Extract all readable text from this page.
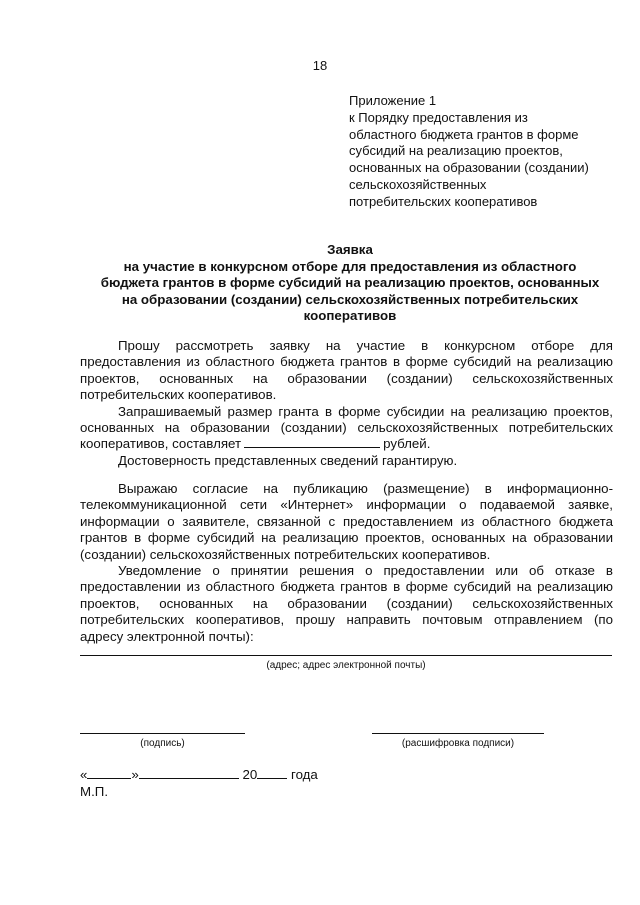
18
Приложение 1
к Порядку предоставления из
областного бюджета грантов в форме
субсидий на реализацию проектов,
основанных на образовании (создании)
сельскохозяйственных
потребительских кооперативов
Заявка
на участие в конкурсном отборе для предоставления из областного
бюджета грантов в форме субсидий на реализацию проектов, основанных
на образовании (создании) сельскохозяйственных потребительских
кооперативов

Прошу рассмотреть заявку на участие в конкурсном отборе для предоставления из областного бюджета грантов в форме субсидий на реализацию проектов, основанных на образовании (создании) сельскохозяйственных потребительских кооперативов.

Запрашиваемый размер гранта в форме субсидии на реализацию проектов, основанных на образовании (создании) сельскохозяйственных потребительских кооперативов, составляет	рублей.

Достоверность представленных сведений гарантирую.

Выражаю согласие на публикацию (размещение) в информационно-телекоммуникационной сети «Интернет» информации о подаваемой заявке, информации о заявителе, связанной с предоставлением из областного бюджета грантов в форме субсидий на реализацию проектов, основанных на образовании (создании) сельскохозяйственных потребительских кооперативов.

Уведомление о принятии решения о предоставлении или об отказе в предоставлении из областного бюджета грантов в форме субсидий на реализацию проектов, основанных на образовании (создании) сельскохозяйственных потребительских кооперативов, прошу направить почтовым отправлением (по адресу электронной почты):

(адрес; адрес электронной почты)
(подпись)	(расшифровка подписи)
«	»	20	года
М.П.
